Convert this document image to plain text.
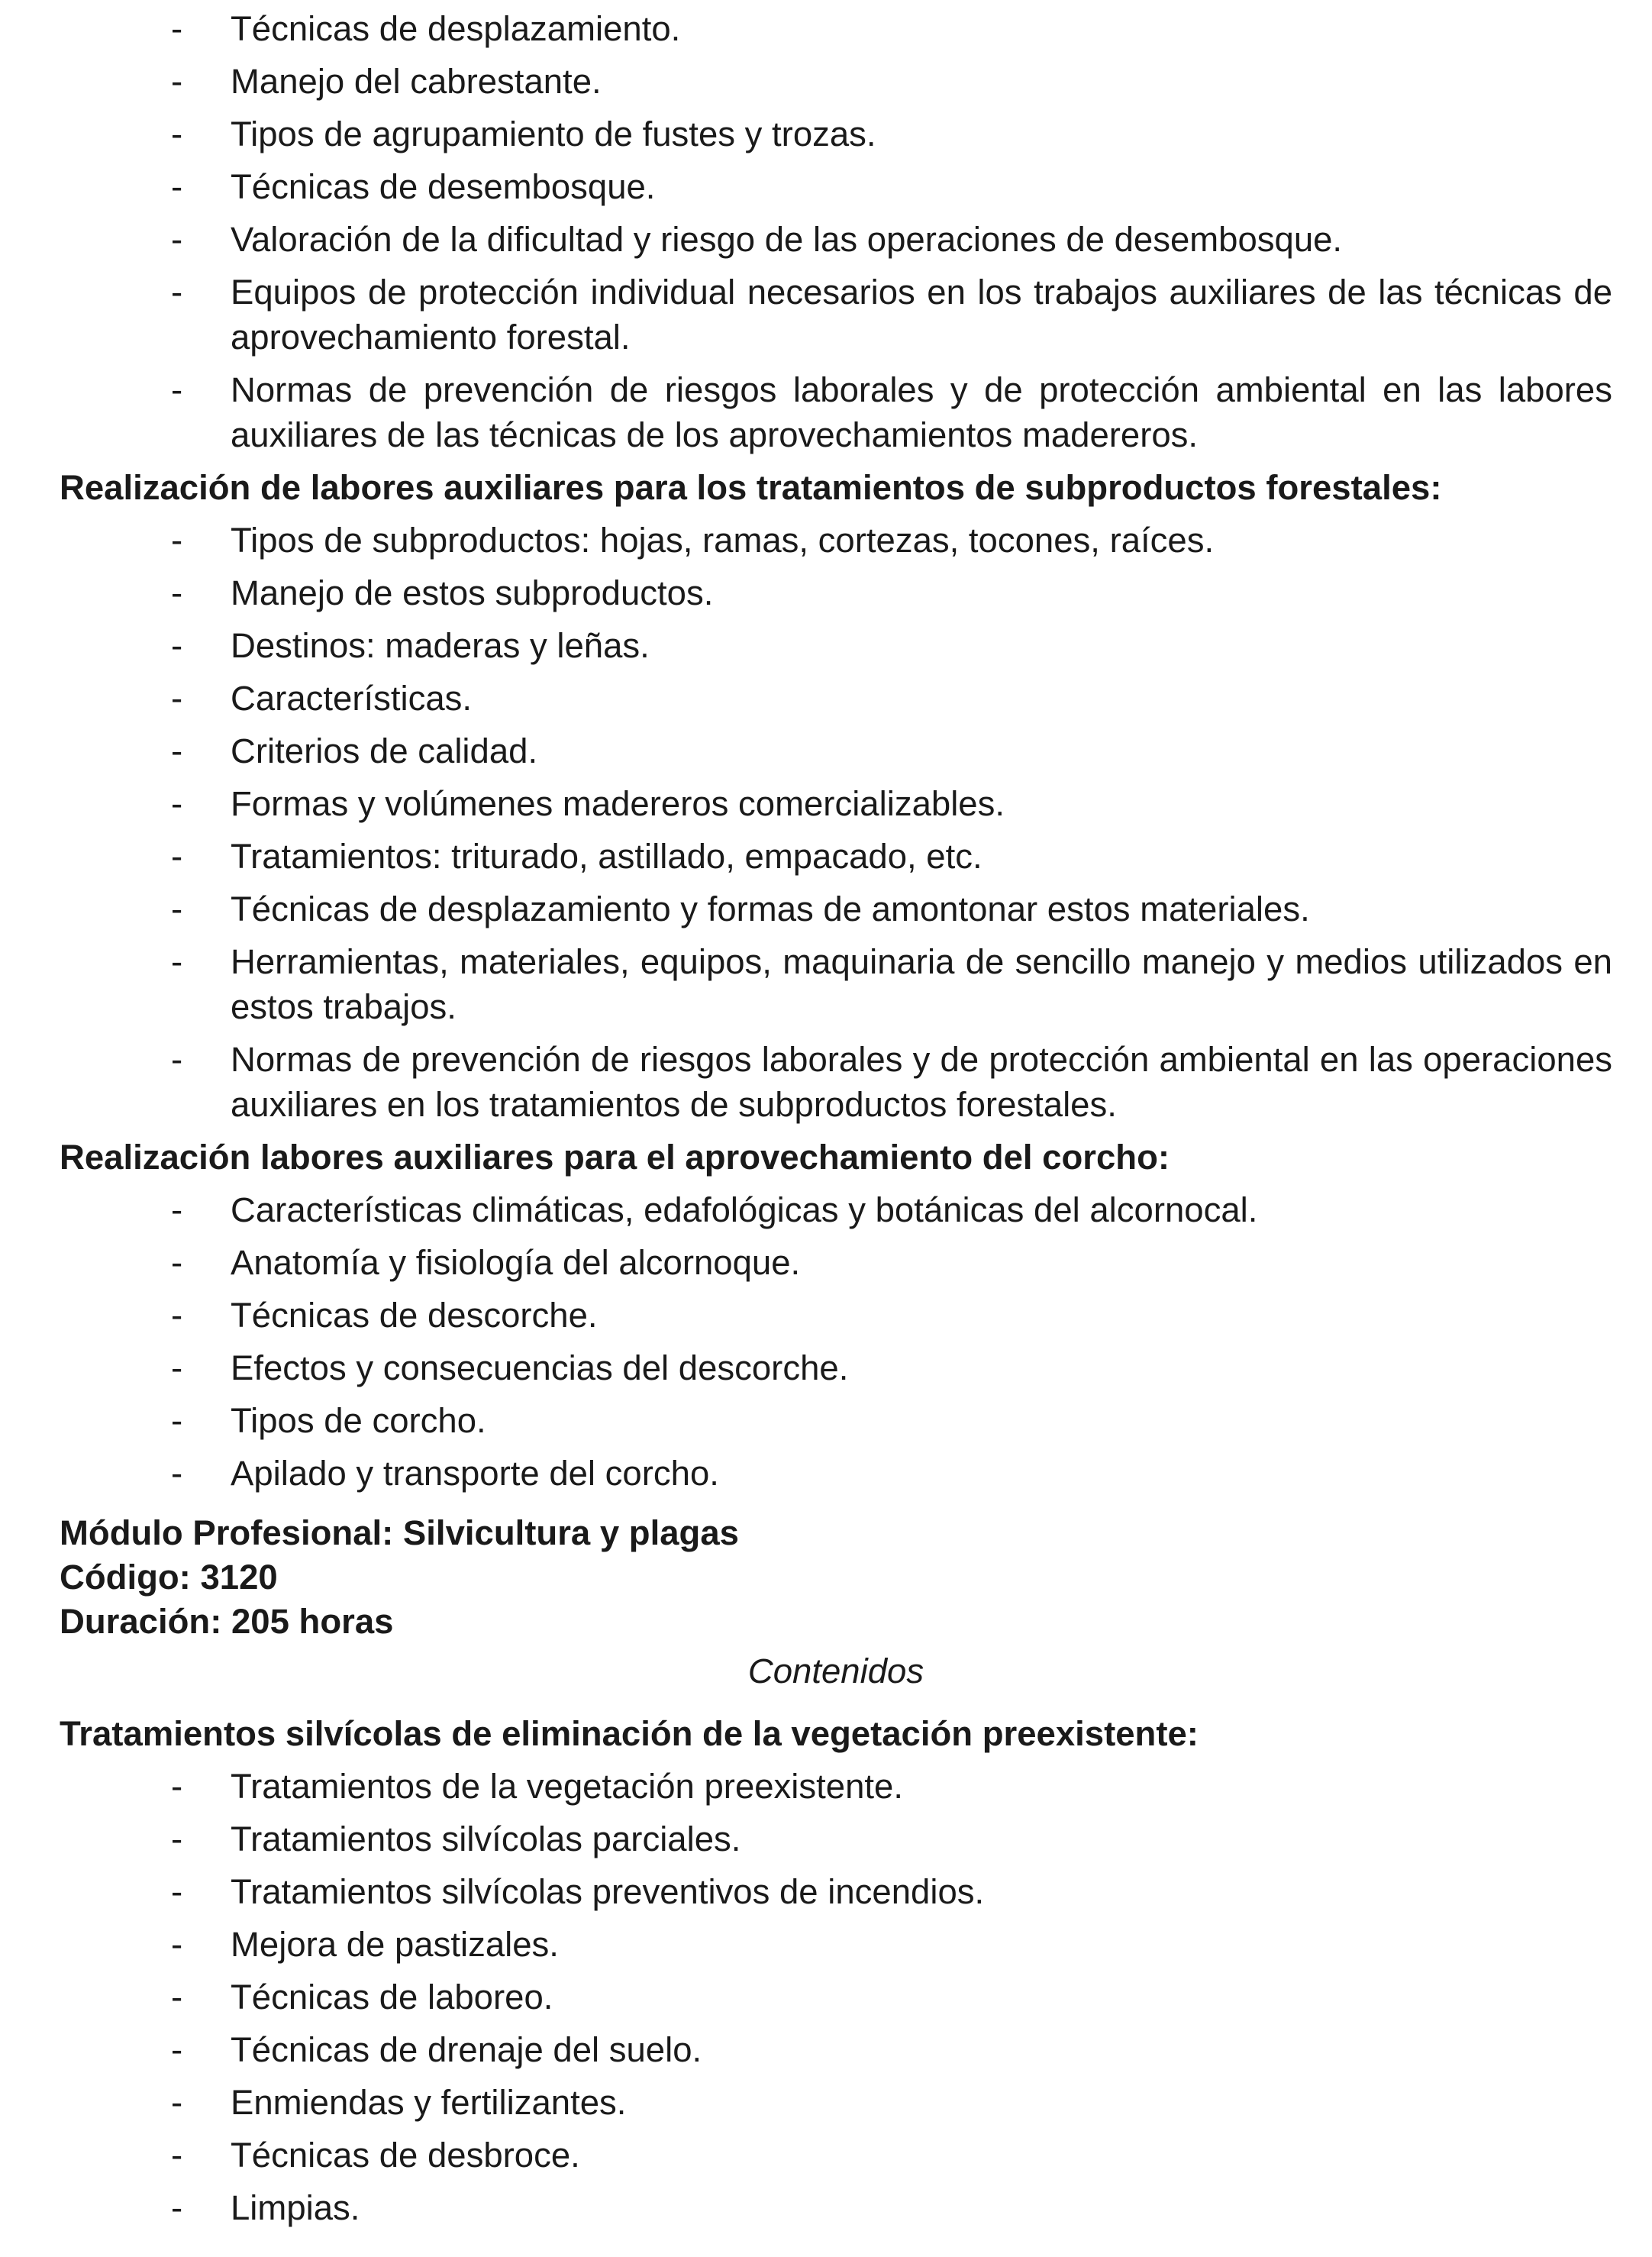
- Técnicas de desplazamiento.
- Manejo del cabrestante.
- Tipos de agrupamiento de fustes y trozas.
- Técnicas de desembosque.
- Valoración de la dificultad y riesgo de las operaciones de desembosque.
- Equipos de protección individual necesarios en los trabajos auxiliares de las técnicas de aprovechamiento forestal.
- Normas de prevención de riesgos laborales y de protección ambiental en las labores auxiliares de las técnicas de los aprovechamientos madereros.
Realización de labores auxiliares para los tratamientos de subproductos forestales:
- Tipos de subproductos: hojas, ramas, cortezas, tocones, raíces.
- Manejo de estos subproductos.
- Destinos: maderas y leñas.
- Características.
- Criterios de calidad.
- Formas y volúmenes madereros comercializables.
- Tratamientos: triturado, astillado, empacado, etc.
- Técnicas de desplazamiento y formas de amontonar estos materiales.
- Herramientas, materiales, equipos, maquinaria de sencillo manejo y medios utilizados en estos trabajos.
- Normas de prevención de riesgos laborales y de protección ambiental en las operaciones auxiliares en los tratamientos de subproductos forestales.
Realización labores auxiliares para el aprovechamiento del corcho:
- Características climáticas, edafológicas y botánicas del alcornocal.
- Anatomía y fisiología del alcornoque.
- Técnicas de descorche.
- Efectos y consecuencias del descorche.
- Tipos de corcho.
- Apilado y transporte del corcho.

Módulo Profesional: Silvicultura y plagas

Código: 3120

Duración: 205 horas

Contenidos

Tratamientos silvícolas de eliminación de la vegetación preexistente:
- Tratamientos de la vegetación preexistente.
- Tratamientos silvícolas parciales.
- Tratamientos silvícolas preventivos de incendios.
- Mejora de pastizales.
- Técnicas de laboreo.
- Técnicas de drenaje del suelo.
- Enmiendas y fertilizantes.
- Técnicas de desbroce.
- Limpias.
